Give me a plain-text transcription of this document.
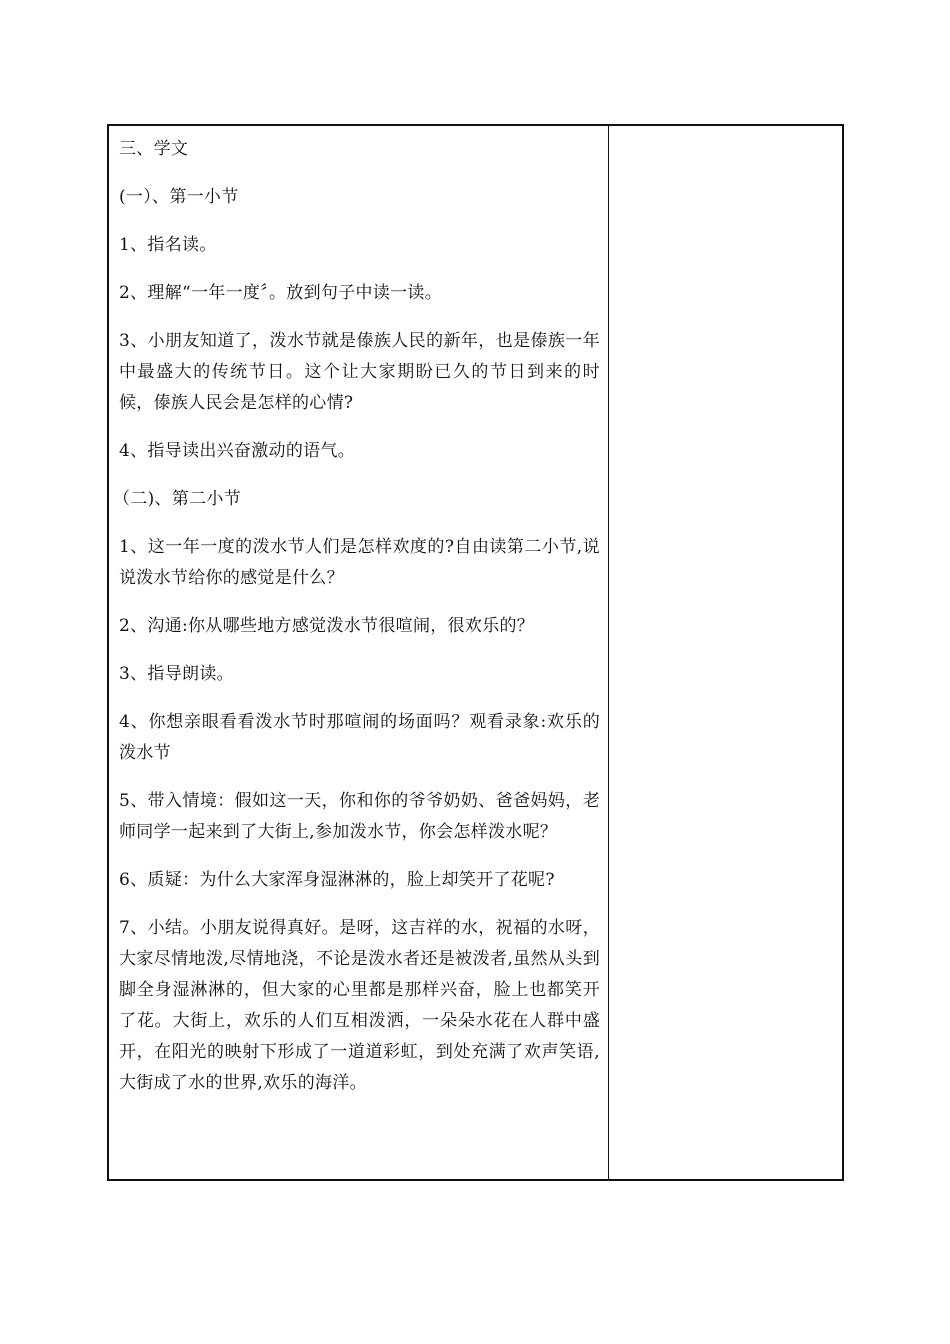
三、学文

(一）、第一小节

1、指名读。

2、理解“一年一度〞。放到句子中读一读。

3、小朋友知道了，泼水节就是傣族人民的新年，也是傣族一年中最盛大的传统节日。这个让大家期盼已久的节日到来的时候，傣族人民会是怎样的心情?

4、指导读出兴奋激动的语气。

（二)、第二小节

1、这一年一度的泼水节人们是怎样欢度的?自由读第二小节,说说泼水节给你的感觉是什么？

2、沟通:你从哪些地方感觉泼水节很喧闹，很欢乐的？

3、指导朗读。

4、你想亲眼看看泼水节时那喧闹的场面吗？观看录象:欢乐的泼水节

5、带入情境：假如这一天，你和你的爷爷奶奶、爸爸妈妈，老师同学一起来到了大街上,参加泼水节，你会怎样泼水呢？

6、质疑：为什么大家浑身湿淋淋的，脸上却笑开了花呢?

7、小结。小朋友说得真好。是呀，这吉祥的水，祝福的水呀，大家尽情地泼,尽情地浇，不论是泼水者还是被泼者,虽然从头到脚全身湿淋淋的，但大家的心里都是那样兴奋，脸上也都笑开了花。大街上，欢乐的人们互相泼洒，一朵朵水花在人群中盛开，在阳光的映射下形成了一道道彩虹，到处充满了欢声笑语,大街成了水的世界,欢乐的海洋。
